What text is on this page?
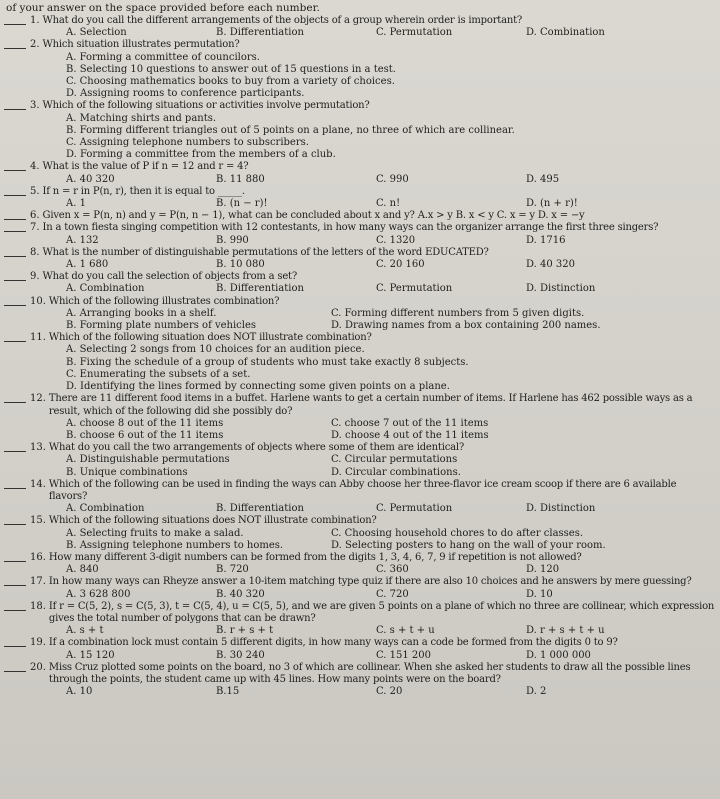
of your answer on the space provided before each number.
1. What do you call the different arrangements of the objects of a group wherein order is important?
A. Selection	B. Differentiation	C. Permutation	D. Combination
2. Which situation illustrates permutation?
A. Forming a committee of councilors.
B. Selecting 10 questions to answer out of 15 questions in a test.
C. Choosing mathematics books to buy from a variety of choices.
D. Assigning rooms to conference participants.
3. Which of the following situations or activities involve permutation?
A. Matching shirts and pants.
B. Forming different triangles out of 5 points on a plane, no three of which are collinear.
C. Assigning telephone numbers to subscribers.
D. Forming a committee from the members of a club.
4. What is the value of P if n = 12 and r = 4?
A. 40 320	B. 11 880	C. 990	D. 495
5. If n = r in P(n, r), then it is equal to _____.
A. 1	B. (n − r)!	C. n!	D. (n + r)!
6. Given x = P(n, n) and y = P(n, n − 1), what can be concluded about x and y? A.x > y B. x < y C. x = y D. x = −y
7. In a town fiesta singing competition with 12 contestants, in how many ways can the organizer arrange the first three singers?
A. 132	B. 990	C. 1320	D. 1716
8. What is the number of distinguishable permutations of the letters of the word EDUCATED?
A. 1 680	B. 10 080	C. 20 160	D. 40 320
9. What do you call the selection of objects from a set?
A. Combination	B. Differentiation	C. Permutation	D. Distinction
10. Which of the following illustrates combination?
A. Arranging books in a shelf.	C. Forming different numbers from 5 given digits.
B. Forming plate numbers of vehicles	D. Drawing names from a box containing 200 names.
11. Which of the following situation does NOT illustrate combination?
A. Selecting 2 songs from 10 choices for an audition piece.
B. Fixing the schedule of a group of students who must take exactly 8 subjects.
C. Enumerating the subsets of a set.
D. Identifying the lines formed by connecting some given points on a plane.
12. There are 11 different food items in a buffet. Harlene wants to get a certain number of items. If Harlene has 462 possible ways as a result, which of the following did she possibly do?
A. choose 8 out of the 11 items	C. choose 7 out of the 11 items
B. choose 6 out of the 11 items	D. choose 4 out of the 11 items
13. What do you call the two arrangements of objects where some of them are identical?
A. Distinguishable permutations	C. Circular permutations
B. Unique combinations	D. Circular combinations.
14. Which of the following can be used in finding the ways can Abby choose her three-flavor ice cream scoop if there are 6 available flavors?
A. Combination	B. Differentiation	C. Permutation	D. Distinction
15. Which of the following situations does NOT illustrate combination?
A. Selecting fruits to make a salad.	C. Choosing household chores to do after classes.
B. Assigning telephone numbers to homes.	D. Selecting posters to hang on the wall of your room.
16. How many different 3-digit numbers can be formed from the digits 1, 3, 4, 6, 7, 9 if repetition is not allowed?
A. 840	B. 720	C. 360	D. 120
17. In how many ways can Rheyze answer a 10-item matching type quiz if there are also 10 choices and he answers by mere guessing?
A. 3 628 800	B. 40 320	C. 720	D. 10
18. If r = C(5, 2), s = C(5, 3), t = C(5, 4), u = C(5, 5), and we are given 5 points on a plane of which no three are collinear, which expression gives the total number of polygons that can be drawn?
A. s + t	B. r + s + t	C. s + t + u	D. r + s + t + u
19. If a combination lock must contain 5 different digits, in how many ways can a code be formed from the digits 0 to 9?
A. 15 120	B. 30 240	C. 151 200	D. 1 000 000
20. Miss Cruz plotted some points on the board, no 3 of which are collinear. When she asked her students to draw all the possible lines through the points, the student came up with 45 lines. How many points were on the board?
A. 10	B.15	C. 20	D. 2
